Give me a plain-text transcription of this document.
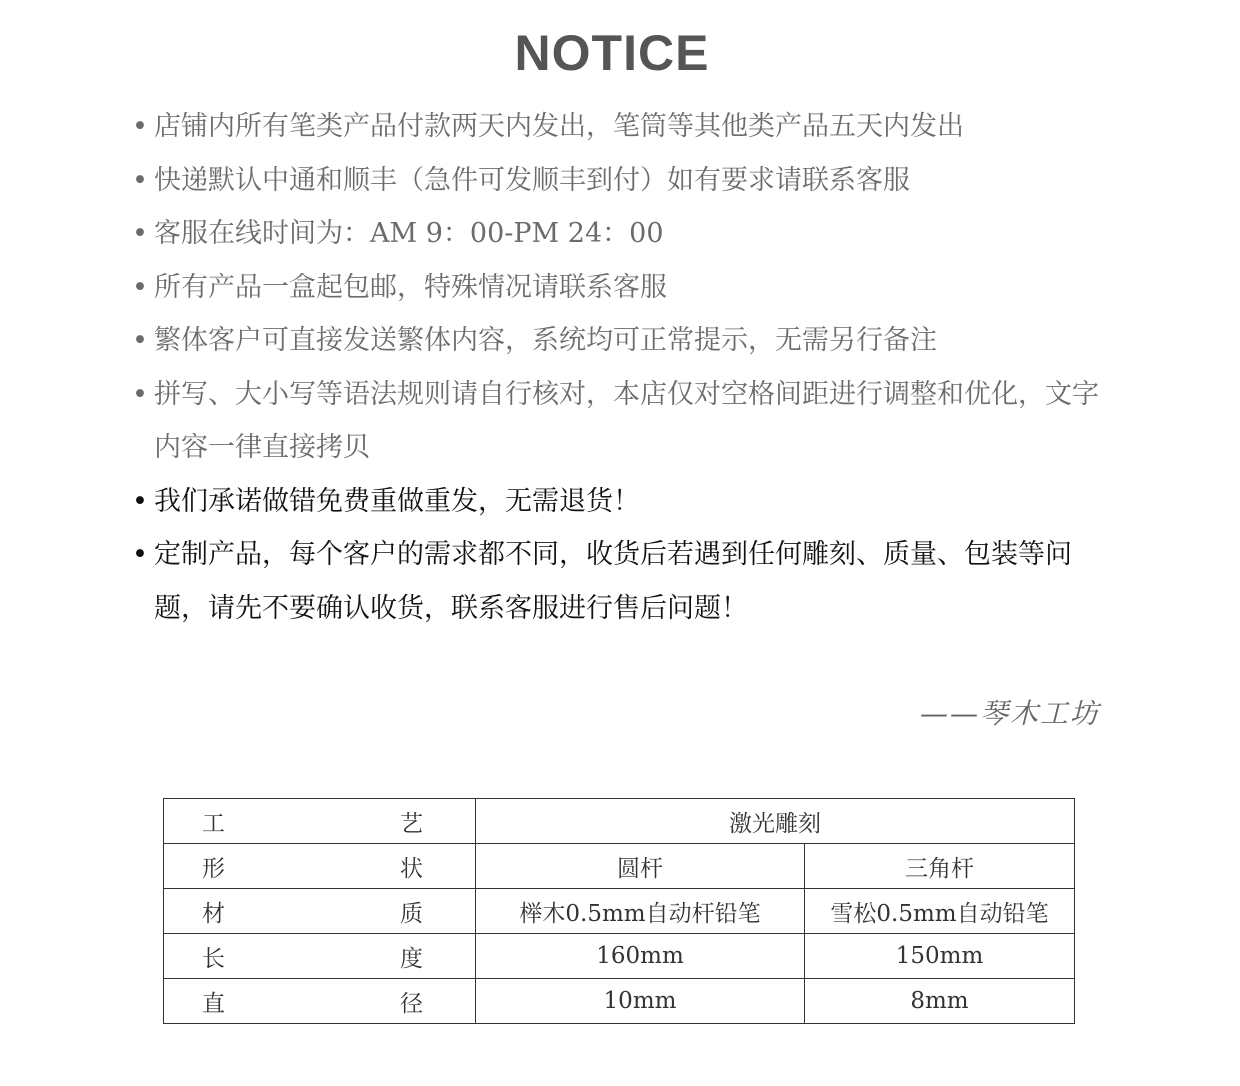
NOTICE
• 店铺内所有笔类产品付款两天内发出，笔筒等其他类产品五天内发出
• 快递默认中通和顺丰（急件可发顺丰到付）如有要求请联系客服
• 客服在线时间为：AM 9：00-PM 24：00
• 所有产品一盒起包邮，特殊情况请联系客服
• 繁体客户可直接发送繁体内容，系统均可正常提示，无需另行备注
• 拼写、大小写等语法规则请自行核对，本店仅对空格间距进行调整和优化，文字内容一律直接拷贝
• 我们承诺做错免费重做重发，无需退货！
• 定制产品，每个客户的需求都不同，收货后若遇到任何雕刻、质量、包装等问题，请先不要确认收货，联系客服进行售后问题！
——琴木工坊
工 艺	激光雕刻	

形 状	圆杆	三角杆

材 质	榉木0.5mm自动杆铅笔	雪松0.5mm自动铅笔

长 度	160mm	150mm

直 径	10mm	8mm
